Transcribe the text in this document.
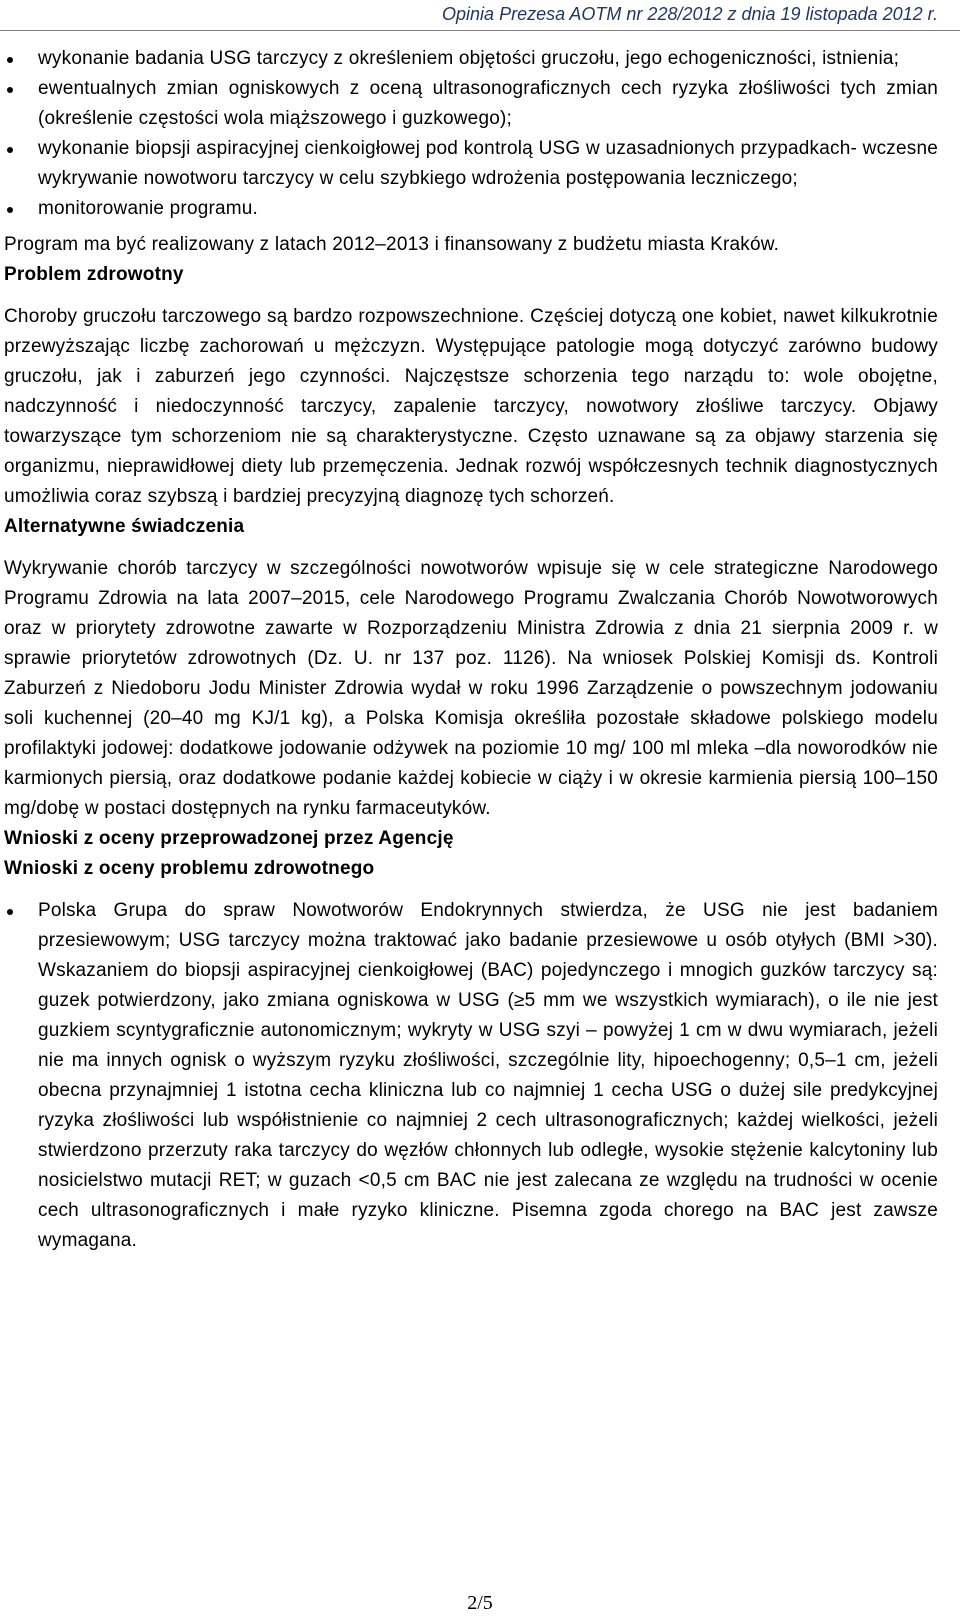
Opinia Prezesa AOTM nr 228/2012 z dnia 19 listopada 2012 r.
wykonanie badania USG tarczycy z określeniem objętości gruczołu, jego echogeniczności, istnienia;
ewentualnych zmian ogniskowych z oceną ultrasonograficznych cech ryzyka złośliwości tych zmian (określenie częstości wola miąższowego i guzkowego);
wykonanie biopsji aspiracyjnej cienkoigłowej pod kontrolą USG w uzasadnionych przypadkach- wczesne wykrywanie nowotworu tarczycy w celu szybkiego wdrożenia postępowania leczniczego;
monitorowanie programu.

Program ma być realizowany z latach 2012–2013 i finansowany z budżetu miasta Kraków.

Problem zdrowotny

Choroby gruczołu tarczowego są bardzo rozpowszechnione. Częściej dotyczą one kobiet, nawet kilkukrotnie przewyższając liczbę zachorowań u mężczyzn. Występujące patologie mogą dotyczyć zarówno budowy gruczołu, jak i zaburzeń jego czynności. Najczęstsze schorzenia tego narządu to: wole obojętne, nadczynność i niedoczynność tarczycy, zapalenie tarczycy, nowotwory złośliwe tarczycy. Objawy towarzyszące tym schorzeniom nie są charakterystyczne. Często uznawane są za objawy starzenia się organizmu, nieprawidłowej diety lub przemęczenia. Jednak rozwój współczesnych technik diagnostycznych umożliwia coraz szybszą i bardziej precyzyjną diagnozę tych schorzeń.

Alternatywne świadczenia

Wykrywanie chorób tarczycy w szczególności nowotworów wpisuje się w cele strategiczne Narodowego Programu Zdrowia na lata 2007–2015, cele Narodowego Programu Zwalczania Chorób Nowotworowych oraz w priorytety zdrowotne zawarte w Rozporządzeniu Ministra Zdrowia z dnia 21 sierpnia 2009 r. w sprawie priorytetów zdrowotnych (Dz. U. nr 137 poz. 1126). Na wniosek Polskiej Komisji ds. Kontroli Zaburzeń z Niedoboru Jodu Minister Zdrowia wydał w roku 1996 Zarządzenie o powszechnym jodowaniu soli kuchennej (20–40 mg KJ/1 kg), a Polska Komisja określiła pozostałe składowe polskiego modelu profilaktyki jodowej: dodatkowe jodowanie odżywek na poziomie 10 mg/ 100 ml mleka –dla noworodków nie karmionych piersią, oraz dodatkowe podanie każdej kobiecie w ciąży i w okresie karmienia piersią 100–150 mg/dobę w postaci dostępnych na rynku farmaceutyków.

Wnioski z oceny przeprowadzonej przez Agencję

Wnioski z oceny problemu zdrowotnego

Polska Grupa do spraw Nowotworów Endokrynnych stwierdza, że USG nie jest badaniem przesiewowym; USG tarczycy można traktować jako badanie przesiewowe u osób otyłych (BMI >30). Wskazaniem do biopsji aspiracyjnej cienkoigłowej (BAC) pojedynczego i mnogich guzków tarczycy są: guzek potwierdzony, jako zmiana ogniskowa w USG (≥5 mm we wszystkich wymiarach), o ile nie jest guzkiem scyntygraficznie autonomicznym; wykryty w USG szyi – powyżej 1 cm w dwu wymiarach, jeżeli nie ma innych ognisk o wyższym ryzyku złośliwości, szczególnie lity, hipoechogenny; 0,5–1 cm, jeżeli obecna przynajmniej 1 istotna cecha kliniczna lub co najmniej 1 cecha USG o dużej sile predykcyjnej ryzyka złośliwości lub współistnienie co najmniej 2 cech ultrasonograficznych; każdej wielkości, jeżeli stwierdzono przerzuty raka tarczycy do węzłów chłonnych lub odległe, wysokie stężenie kalcytoniny lub nosicielstwo mutacji RET; w guzach <0,5 cm BAC nie jest zalecana ze względu na trudności w ocenie cech ultrasonograficznych i małe ryzyko kliniczne. Pisemna zgoda chorego na BAC jest zawsze wymagana.
2/5
